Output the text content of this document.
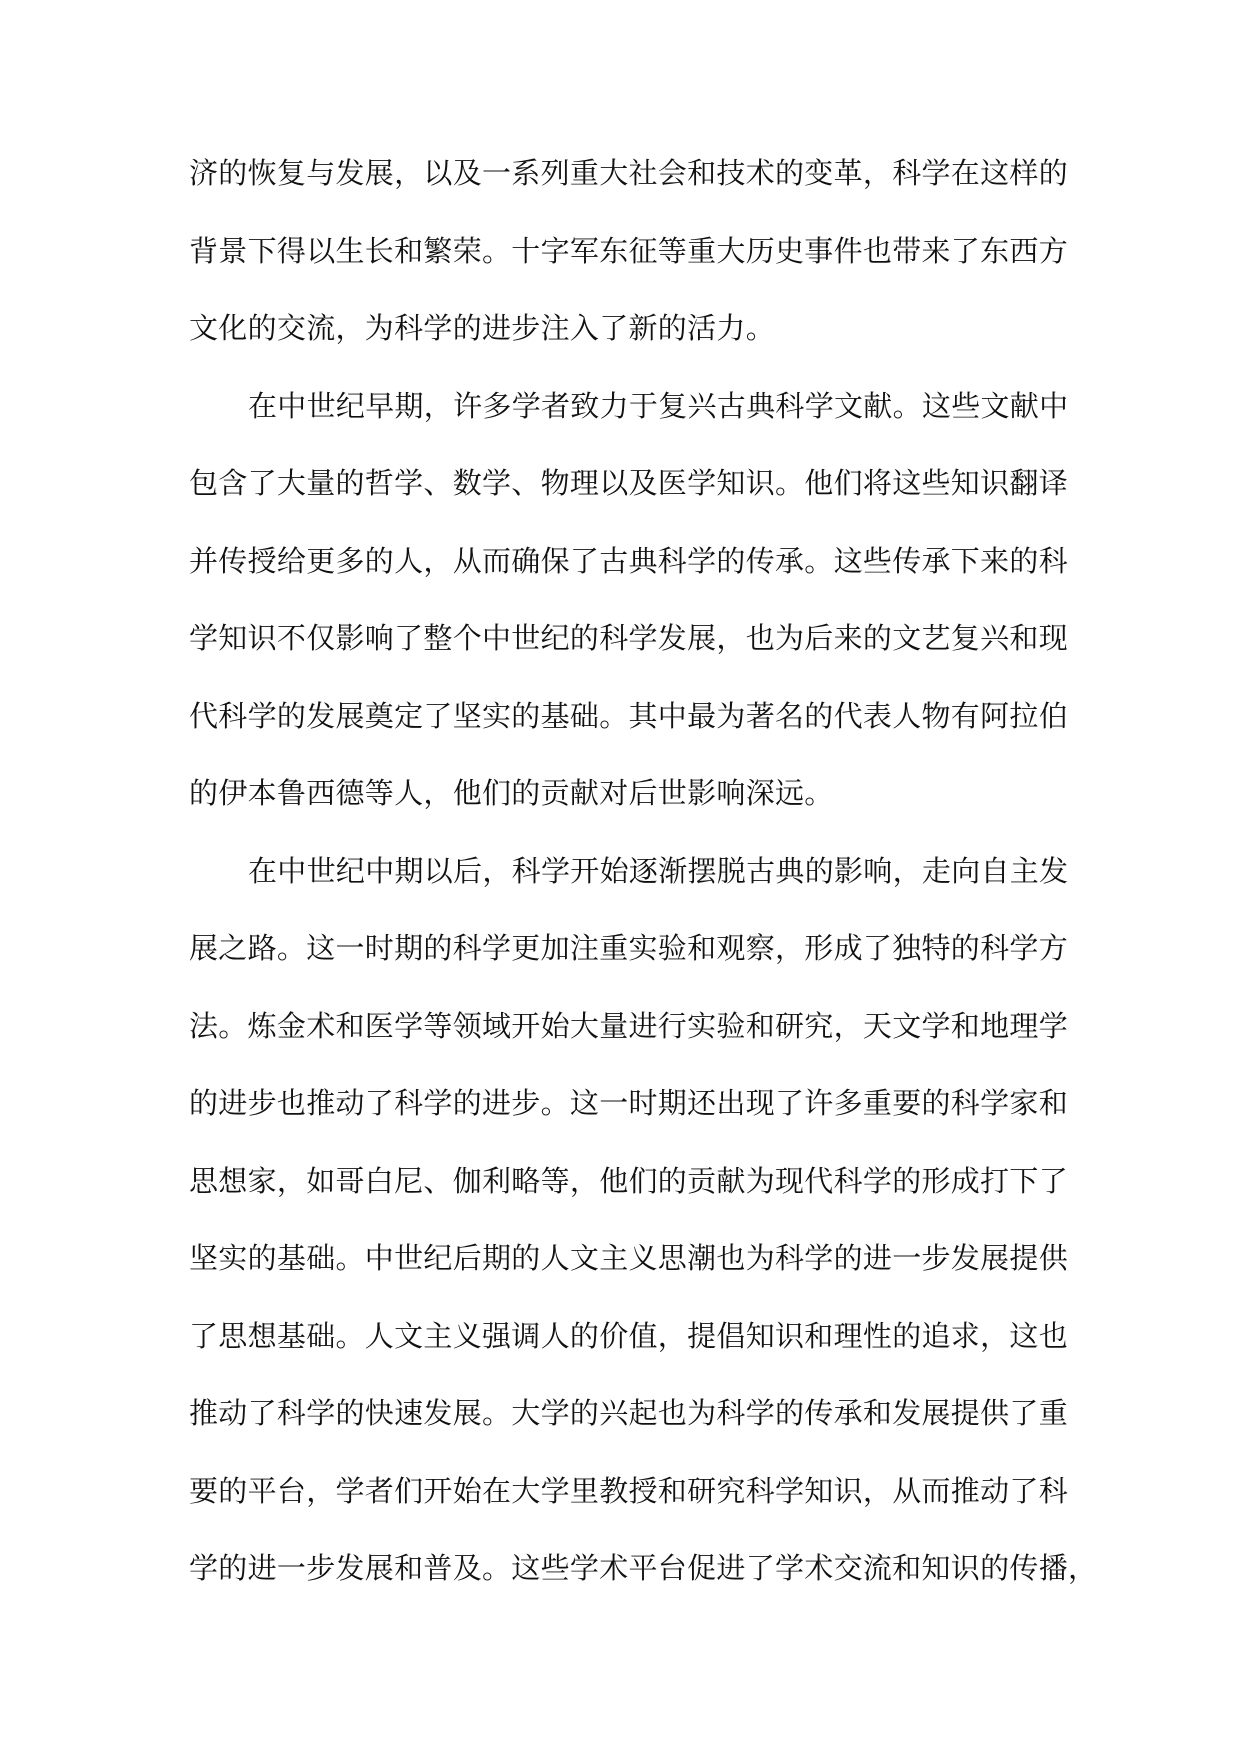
济的恢复与发展，以及一系列重大社会和技术的变革，科学在这样的
背景下得以生长和繁荣。十字军东征等重大历史事件也带来了东西方
文化的交流，为科学的进步注入了新的活力。
在中世纪早期，许多学者致力于复兴古典科学文献。这些文献中
包含了大量的哲学、数学、物理以及医学知识。他们将这些知识翻译
并传授给更多的人，从而确保了古典科学的传承。这些传承下来的科
学知识不仅影响了整个中世纪的科学发展，也为后来的文艺复兴和现
代科学的发展奠定了坚实的基础。其中最为著名的代表人物有阿拉伯
的伊本鲁西德等人，他们的贡献对后世影响深远。
在中世纪中期以后，科学开始逐渐摆脱古典的影响，走向自主发
展之路。这一时期的科学更加注重实验和观察，形成了独特的科学方
法。炼金术和医学等领域开始大量进行实验和研究，天文学和地理学
的进步也推动了科学的进步。这一时期还出现了许多重要的科学家和
思想家，如哥白尼、伽利略等，他们的贡献为现代科学的形成打下了
坚实的基础。中世纪后期的人文主义思潮也为科学的进一步发展提供
了思想基础。人文主义强调人的价值，提倡知识和理性的追求，这也
推动了科学的快速发展。大学的兴起也为科学的传承和发展提供了重
要的平台，学者们开始在大学里教授和研究科学知识，从而推动了科
学的进一步发展和普及。这些学术平台促进了学术交流和知识的传播，
